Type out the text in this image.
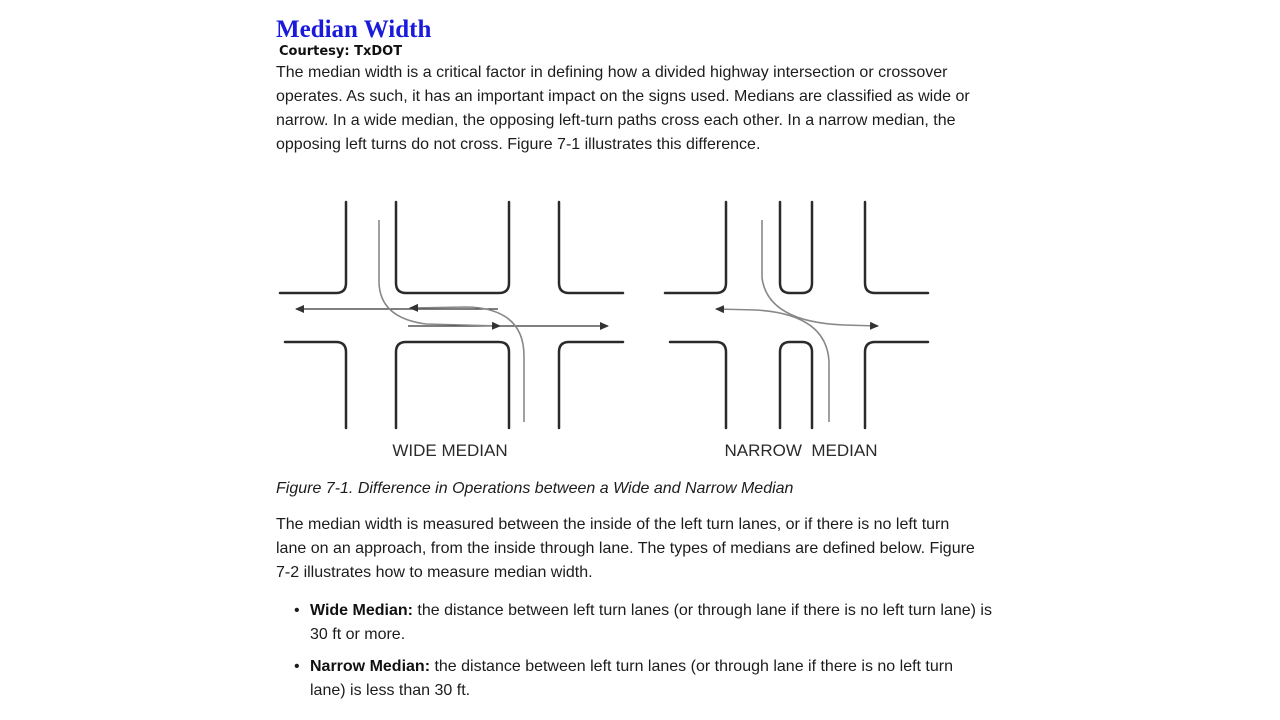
Median Width
Courtesy: TxDOT

The median width is a critical factor in defining how a divided highway intersection or crossover operates. As such, it has an important impact on the signs used. Medians are classified as wide or narrow. In a wide median, the opposing left-turn paths cross each other. In a narrow median, the opposing left turns do not cross. Figure 7-1 illustrates this difference.

WIDE MEDIAN	NARROW  MEDIAN

Figure 7-1. Difference in Operations between a Wide and Narrow Median

The median width is measured between the inside of the left turn lanes, or if there is no left turn lane on an approach, from the inside through lane. The types of medians are defined below. Figure 7-2 illustrates how to measure median width.

• Wide Median: the distance between left turn lanes (or through lane if there is no left turn lane) is 30 ft or more.
• Narrow Median: the distance between left turn lanes (or through lane if there is no left turn lane) is less than 30 ft.
